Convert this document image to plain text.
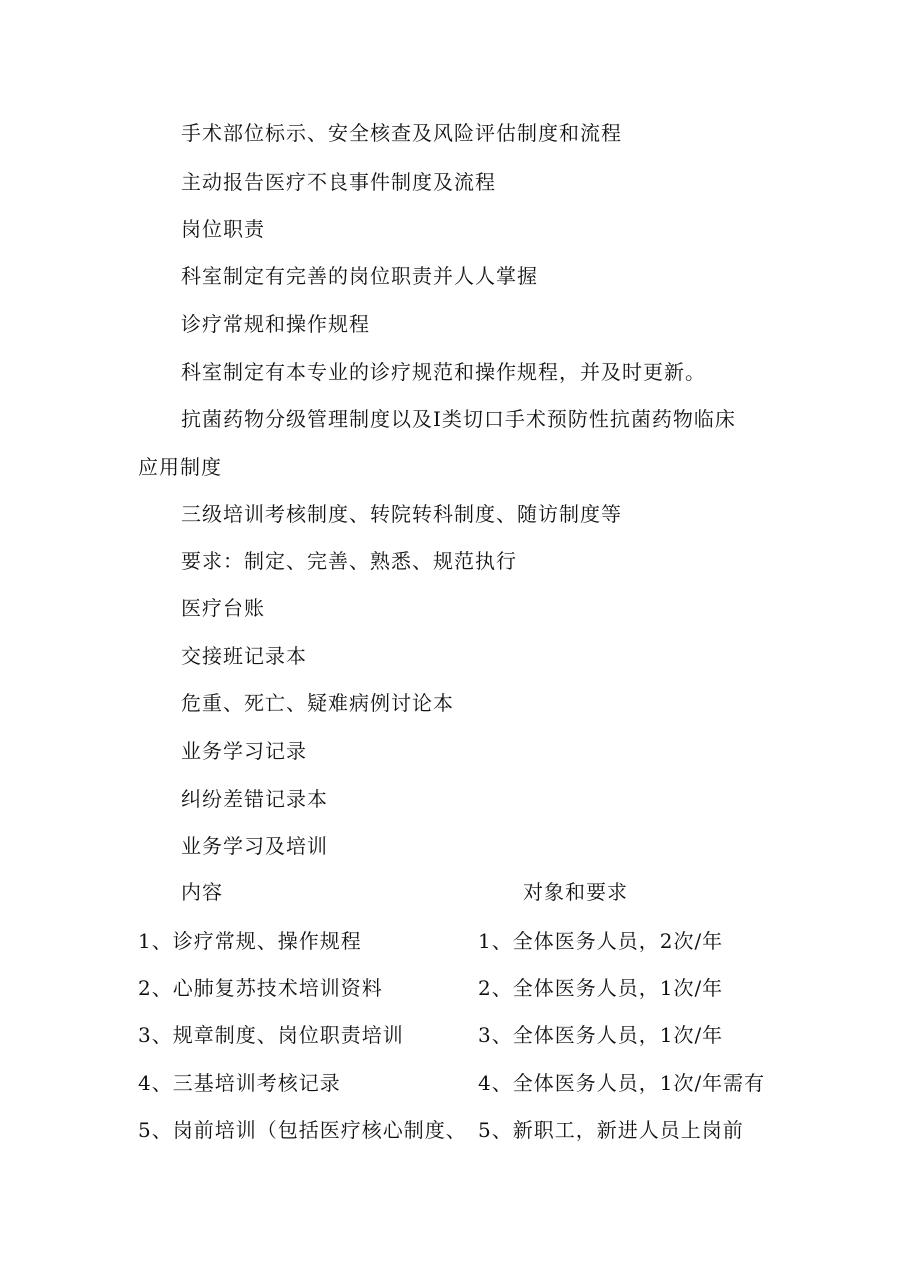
手术部位标示、安全核查及风险评估制度和流程
主动报告医疗不良事件制度及流程
岗位职责
科室制定有完善的岗位职责并人人掌握
诊疗常规和操作规程
科室制定有本专业的诊疗规范和操作规程，并及时更新。
抗菌药物分级管理制度以及Ⅰ类切口手术预防性抗菌药物临床
应用制度
三级培训考核制度、转院转科制度、随访制度等
要求：制定、完善、熟悉、规范执行
医疗台账
交接班记录本
危重、死亡、疑难病例讨论本
业务学习记录
纠纷差错记录本
业务学习及培训
内容	对象和要求
1、诊疗常规、操作规程	1、全体医务人员，2次/年
2、心肺复苏技术培训资料	2、全体医务人员，1次/年
3、规章制度、岗位职责培训	3、全体医务人员，1次/年
4、三基培训考核记录	4、全体医务人员，1次/年需有
5、岗前培训（包括医疗核心制度、 5、新职工，新进人员上岗前
